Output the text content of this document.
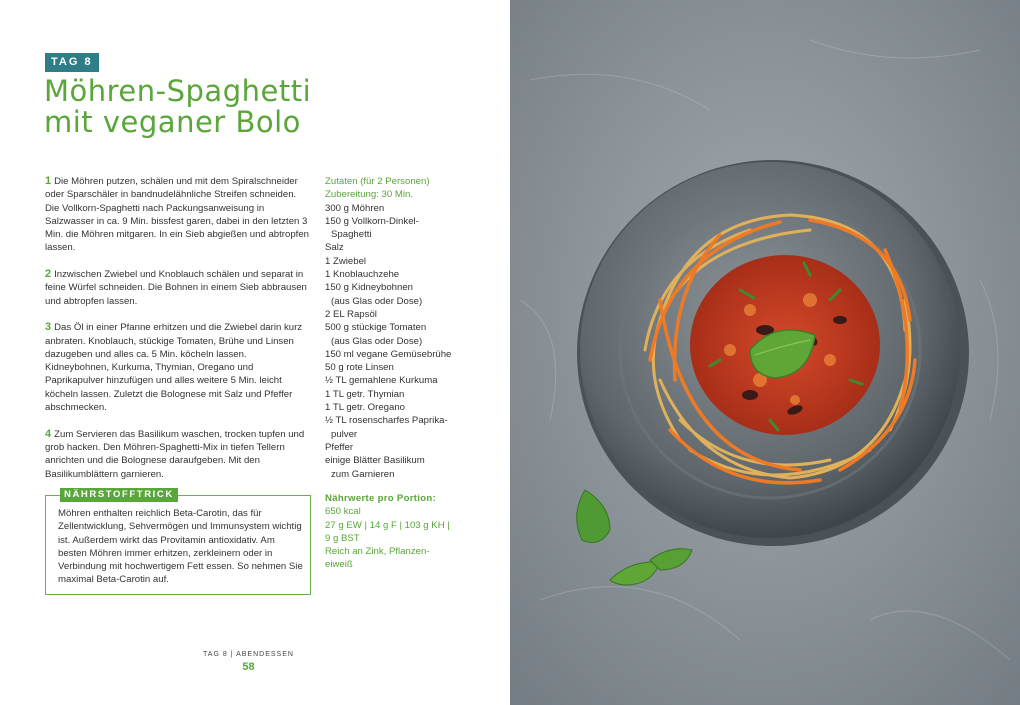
TAG 8
Möhren-Spaghetti
mit veganer Bolo
1 Die Möhren putzen, schälen und mit dem Spiralschneider oder Sparschäler in bandnudelähnliche Streifen schneiden. Die Vollkorn-Spaghetti nach Packungsanweisung in Salzwasser in ca. 9 Min. bissfest garen, dabei in den letzten 3 Min. die Möhren mitgaren. In ein Sieb abgießen und abtropfen lassen.
2 Inzwischen Zwiebel und Knoblauch schälen und separat in feine Würfel schneiden. Die Bohnen in einem Sieb abbrausen und abtropfen lassen.
3 Das Öl in einer Pfanne erhitzen und die Zwiebel darin kurz anbraten. Knoblauch, stückige Tomaten, Brühe und Linsen dazugeben und alles ca. 5 Min. köcheln lassen. Kidneybohnen, Kurkuma, Thymian, Oregano und Paprikapulver hinzufügen und alles weitere 5 Min. leicht köcheln lassen. Zuletzt die Bolognese mit Salz und Pfeffer abschmecken.
4 Zum Servieren das Basilikum waschen, trocken tupfen und grob hacken. Den Möhren-Spaghetti-Mix in tiefen Tellern anrichten und die Bolognese daraufgeben. Mit den Basilikumblättern garnieren.
Zutaten (für 2 Personen)
Zubereitung: 30 Min.
300 g Möhren
150 g Vollkorn-Dinkel-
Spaghetti
Salz
1 Zwiebel
1 Knoblauchzehe
150 g Kidneybohnen
(aus Glas oder Dose)
2 EL Rapsöl
500 g stückige Tomaten
(aus Glas oder Dose)
150 ml vegane Gemüsebrühe
50 g rote Linsen
½ TL gemahlene Kurkuma
1 TL getr. Thymian
1 TL getr. Oregano
½ TL rosenscharfes Paprika-
pulver
Pfeffer
einige Blätter Basilikum
zum Garnieren
Nährwerte pro Portion:
650 kcal
27 g EW | 14 g F | 103 g KH |
9 g BST
Reich an Zink, Pflanzen-
eiweiß
NÄHRSTOFFTRICK
Möhren enthalten reichlich Beta-Carotin, das für Zellentwicklung, Sehvermögen und Immunsystem wichtig ist. Außerdem wirkt das Provitamin antioxidativ. Am besten Möhren immer erhitzen, zerkleinern oder in Verbindung mit hochwertigem Fett essen. So nehmen Sie maximal Beta-Carotin auf.
TAG 8 | ABENDESSEN
58
